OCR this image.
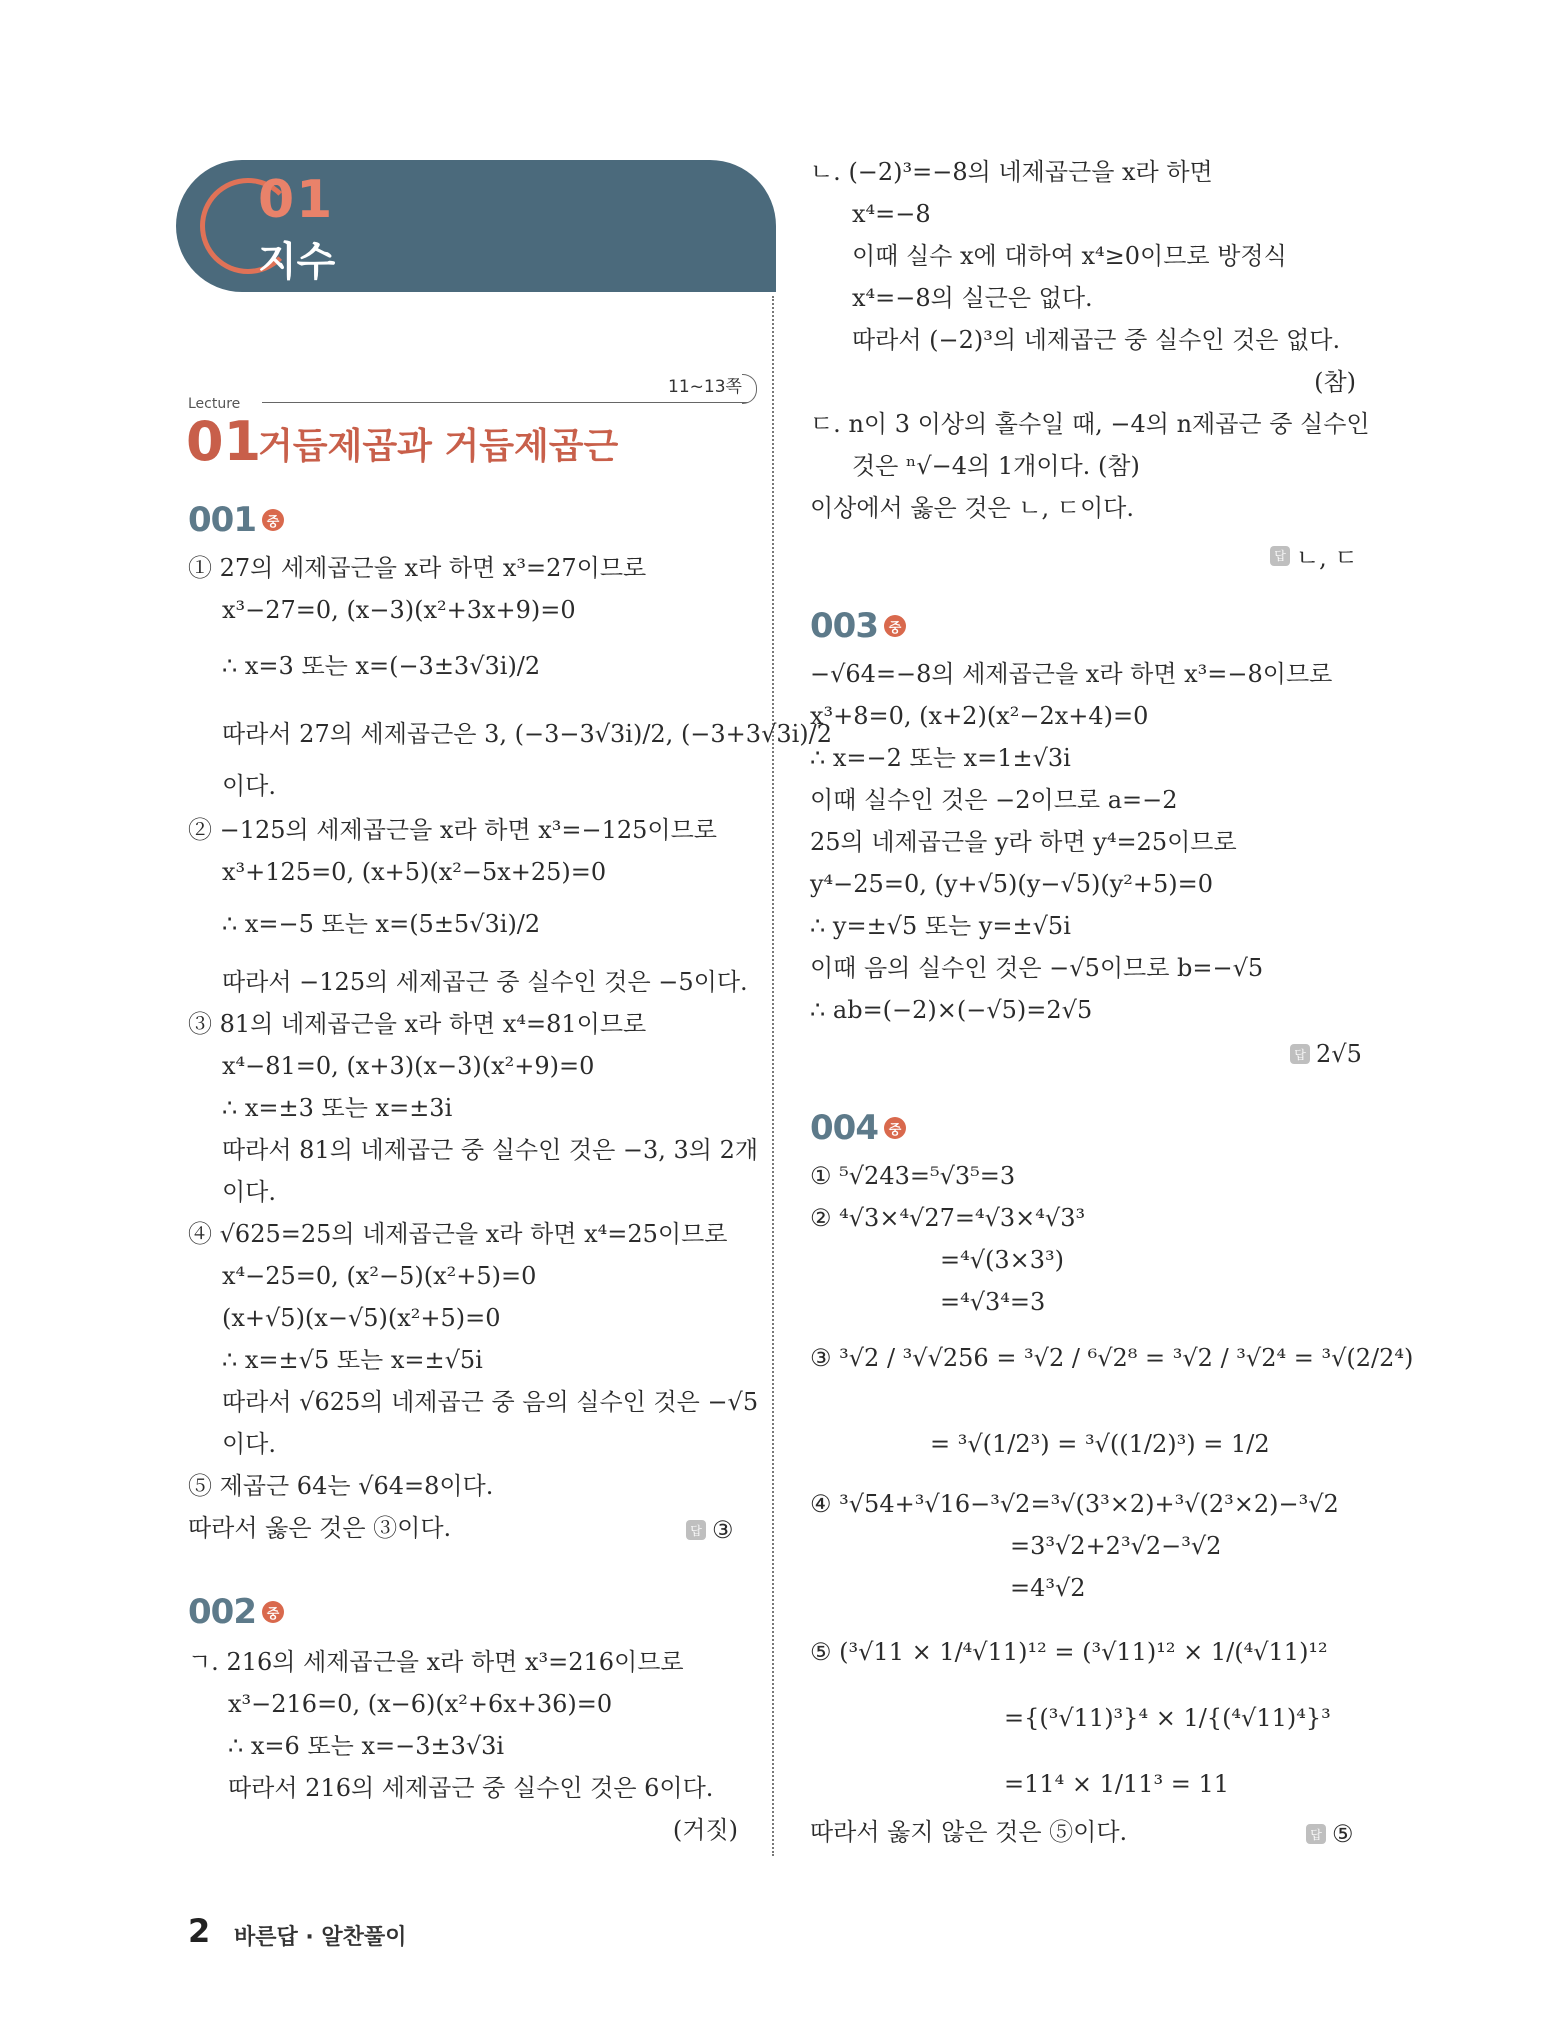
01
지수
Lecture
11~13쪽
01
거듭제곱과 거듭제곱근
001 중
① 27의 세제곱근을 x라 하면 x³=27이므로
x³−27=0, (x−3)(x²+3x+9)=0
∴ x=3 또는 x=(−3±3√3i)/2
따라서 27의 세제곱근은 3, (−3−3√3i)/2, (−3+3√3i)/2
이다.
② −125의 세제곱근을 x라 하면 x³=−125이므로
x³+125=0, (x+5)(x²−5x+25)=0
∴ x=−5 또는 x=(5±5√3i)/2
따라서 −125의 세제곱근 중 실수인 것은 −5이다.
③ 81의 네제곱근을 x라 하면 x⁴=81이므로
x⁴−81=0, (x+3)(x−3)(x²+9)=0
∴ x=±3 또는 x=±3i
따라서 81의 네제곱근 중 실수인 것은 −3, 3의 2개
이다.
④ √625=25의 네제곱근을 x라 하면 x⁴=25이므로
x⁴−25=0, (x²−5)(x²+5)=0
(x+√5)(x−√5)(x²+5)=0
∴ x=±√5 또는 x=±√5i
따라서 √625의 네제곱근 중 음의 실수인 것은 −√5
이다.
⑤ 제곱근 64는 √64=8이다.
따라서 옳은 것은 ③이다.	답 ③
002 중
ㄱ. 216의 세제곱근을 x라 하면 x³=216이므로
x³−216=0, (x−6)(x²+6x+36)=0
∴ x=6 또는 x=−3±3√3i
따라서 216의 세제곱근 중 실수인 것은 6이다.
(거짓)
ㄴ. (−2)³=−8의 네제곱근을 x라 하면
x⁴=−8
이때 실수 x에 대하여 x⁴≥0이므로 방정식
x⁴=−8의 실근은 없다.
따라서 (−2)³의 네제곱근 중 실수인 것은 없다.
(참)
ㄷ. n이 3 이상의 홀수일 때, −4의 n제곱근 중 실수인
것은 ⁿ√−4의 1개이다. (참)
이상에서 옳은 것은 ㄴ, ㄷ이다.
답 ㄴ, ㄷ
003 중
−√64=−8의 세제곱근을 x라 하면 x³=−8이므로
x³+8=0, (x+2)(x²−2x+4)=0
∴ x=−2 또는 x=1±√3i
이때 실수인 것은 −2이므로 a=−2
25의 네제곱근을 y라 하면 y⁴=25이므로
y⁴−25=0, (y+√5)(y−√5)(y²+5)=0
∴ y=±√5 또는 y=±√5i
이때 음의 실수인 것은 −√5이므로 b=−√5
∴ ab=(−2)×(−√5)=2√5
답 2√5
004 중
① ⁵√243=⁵√3⁵=3
② ⁴√3×⁴√27=⁴√3×⁴√3³
=⁴√(3×3³)
=⁴√3⁴=3
③ ³√2 / ³√√256 = ³√2 / ⁶√2⁸ = ³√2 / ³√2⁴ = ³√(2/2⁴)
= ³√(1/2³) = ³√((1/2)³) = 1/2
④ ³√54+³√16−³√2=³√(3³×2)+³√(2³×2)−³√2
=3³√2+2³√2−³√2
=4³√2
⑤ (³√11 × 1/⁴√11)¹² = (³√11)¹² × 1/(⁴√11)¹²
={(³√11)³}⁴ × 1/{(⁴√11)⁴}³
=11⁴ × 1/11³ = 11
따라서 옳지 않은 것은 ⑤이다.	답 ⑤
2 바른답 · 알찬풀이
